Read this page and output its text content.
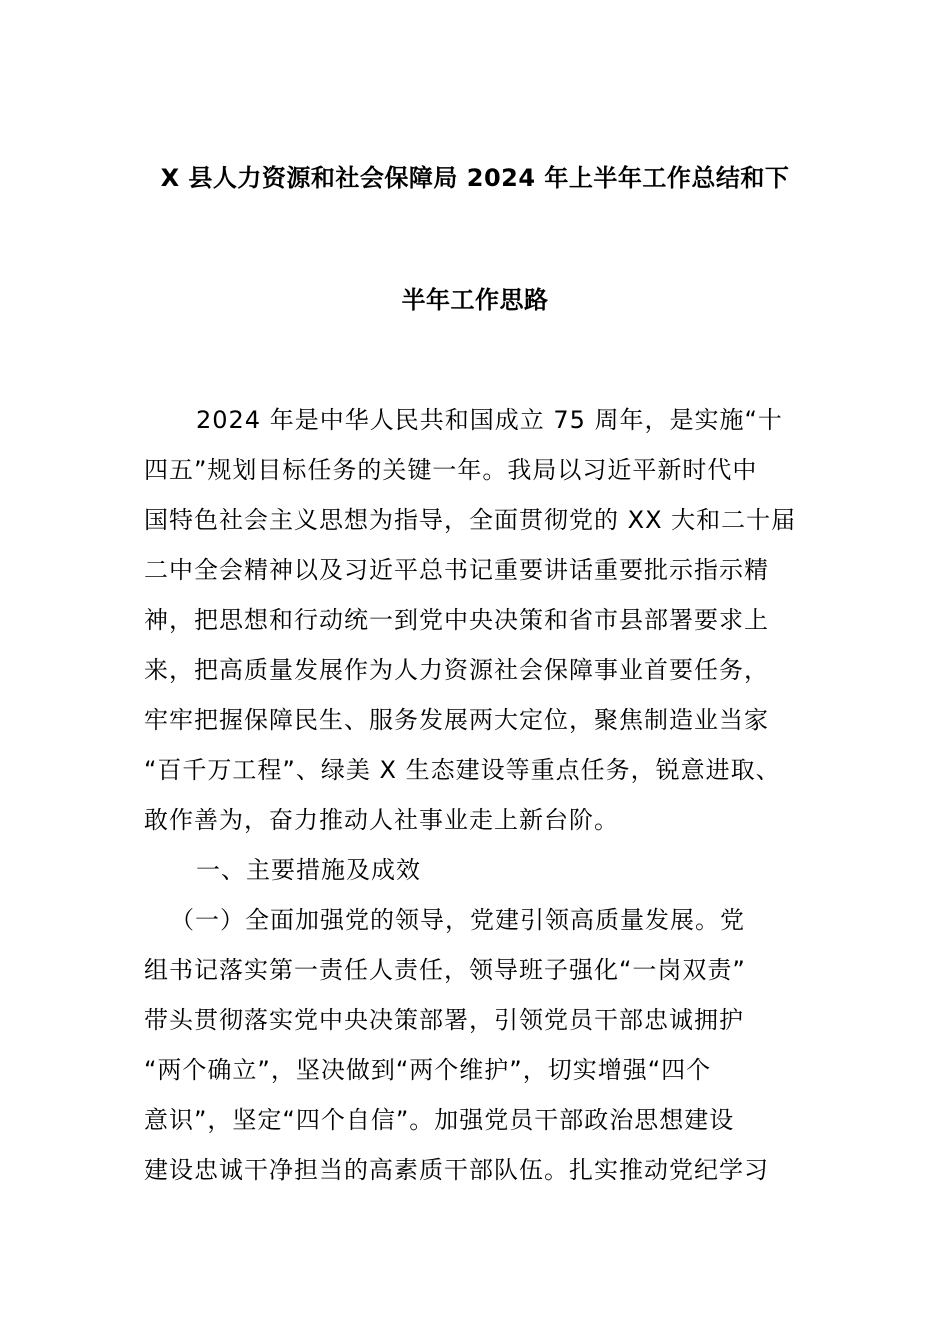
X 县人力资源和社会保障局 2024 年上半年工作总结和下
半年工作思路
2024 年是中华人民共和国成立 75 周年，是实施“十
四五”规划目标任务的关键一年。我局以习近平新时代中
国特色社会主义思想为指导，全面贯彻党的 XX 大和二十届
二中全会精神以及习近平总书记重要讲话重要批示指示精
神，把思想和行动统一到党中央决策和省市县部署要求上
来，把高质量发展作为人力资源社会保障事业首要任务，
牢牢把握保障民生、服务发展两大定位，聚焦制造业当家
“百千万工程”、绿美 X 生态建设等重点任务，锐意进取、
敢作善为，奋力推动人社事业走上新台阶。
一、主要措施及成效
（一）全面加强党的领导，党建引领高质量发展。党
组书记落实第一责任人责任，领导班子强化“一岗双责”
带头贯彻落实党中央决策部署，引领党员干部忠诚拥护
“两个确立”，坚决做到“两个维护”，切实增强“四个
意识”，坚定“四个自信”。加强党员干部政治思想建设
建设忠诚干净担当的高素质干部队伍。扎实推动党纪学习
